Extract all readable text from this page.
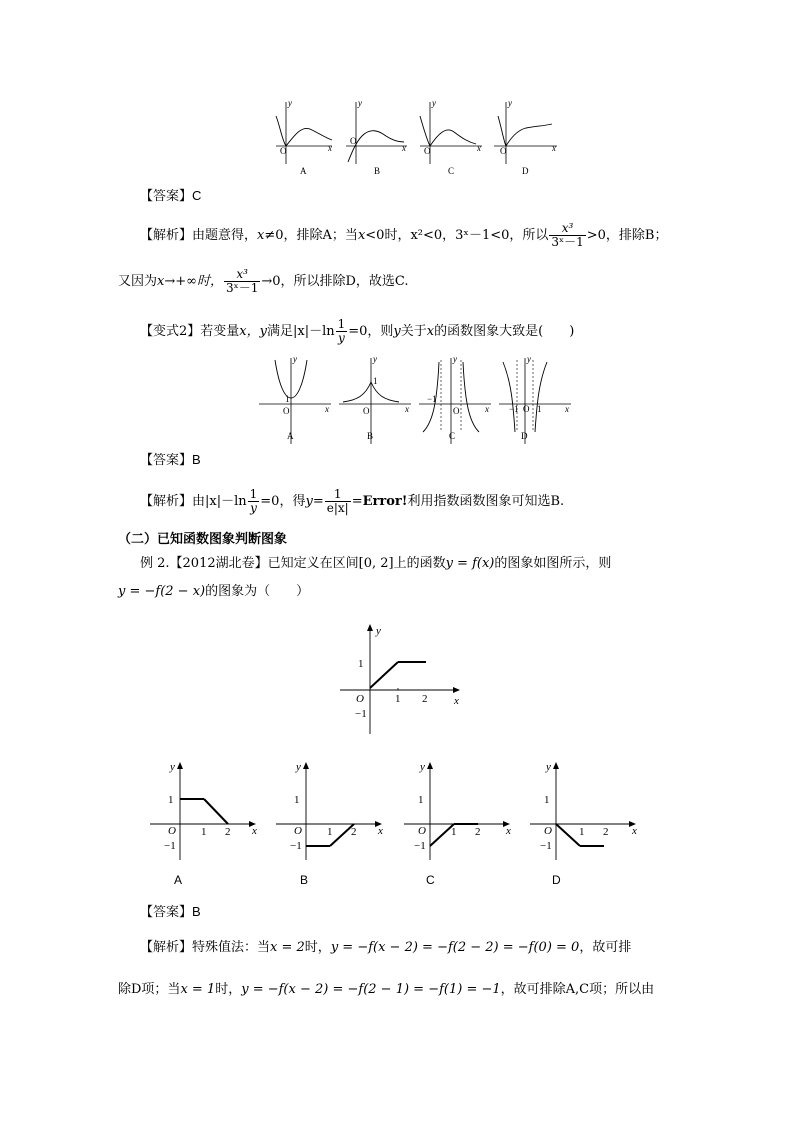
O
y
x
A
O
y
x
B
O
y
x
C
O
y
x
D
【答案】C
【解析】由题意得，x≠0，排除A；当x<0时，x²<0，3ˣ－1<0，所以 $\frac{\text{x³}}{\text{3ˣ－1}} >0$，排除B；
又因为x→+∞时， $\frac{\text{x³}}{\text{3ˣ－1}} \to 0$，所以排除D，故选C.
【变式2】若变量x，y满足$|x|-\ln \frac{1}{y} =0$，则y关于x的函数图象大致是(　　)
1
O
y
x
A
1
O
y
x
B
−1
O
y
x
C
−1 O 1
y
x
D
【答案】B
【解析】由$|x|-\ln \frac{1}{y} =0$，得$y= \frac{1}{e|x|}$ =Error!利用指数函数图象可知选B.
（二）已知函数图象判断图象
例 2.【2012湖北卷】已知定义在区间[0, 2]上的函数y = f(x)的图象如图所示，则
y = −f(2 − x)的图象为（　　）
1
−1
O	1 2
y
x
1
−1
O 1 2
y
x
A
1
−1
O 1 2
y
x
B
1
−1
O 1 2
y
x
C
1
−1
O 1 2
y
x
D
【答案】B
【解析】特殊值法：当x = 2时，y = −f(x − 2) = −f(2 − 2) = −f(0) = 0，故可排
除D项；当x = 1时，y = −f(x − 2) = −f(2 − 1) = −f(1) = −1，故可排除A,C项；所以由
